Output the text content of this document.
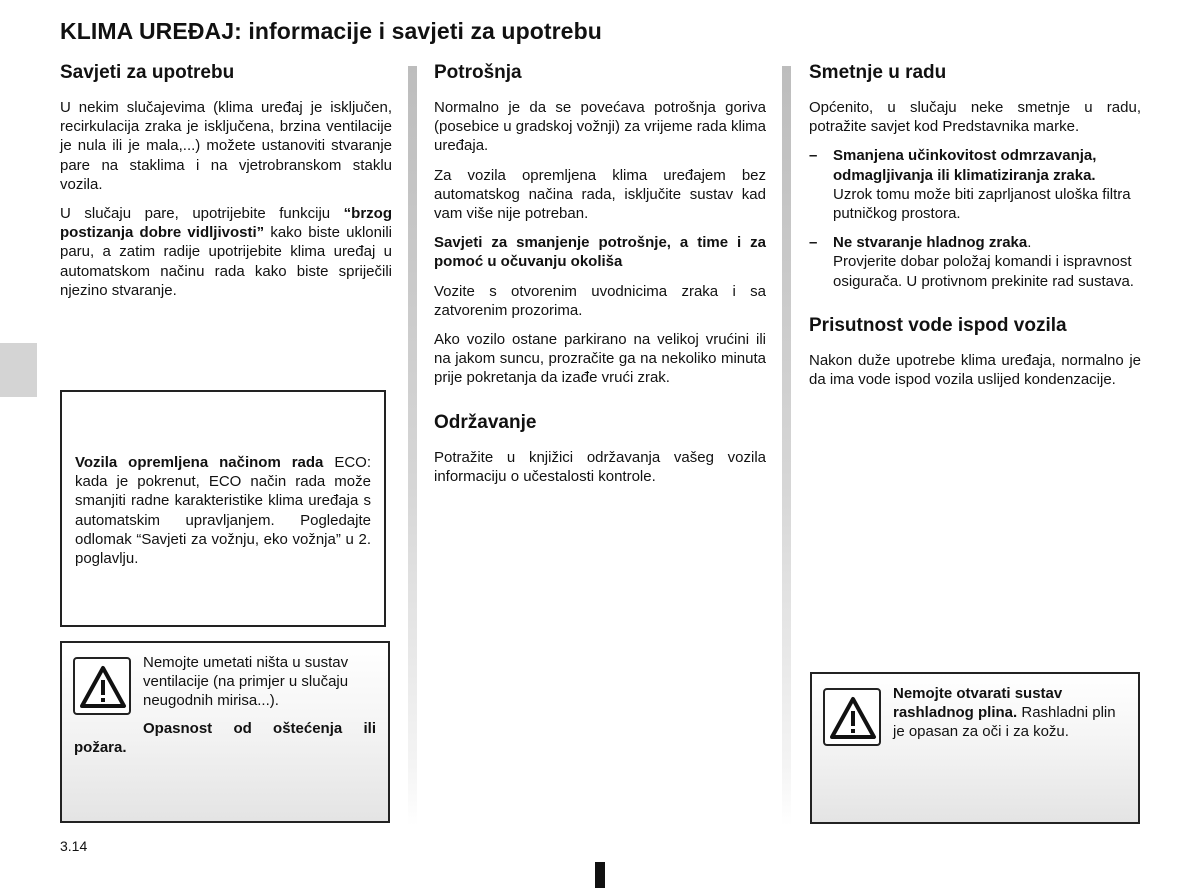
KLIMA UREĐAJ: informacije i savjeti za upotrebu
Savjeti za upotrebu

U nekim slučajevima (klima uređaj je isključen, recirkulacija zraka je isključena, brzina ventilacije je nula ili je mala,...) možete ustanoviti stvaranje pare na staklima i na vjetrobranskom staklu vozila.

U slučaju pare, upotrijebite funkciju “brzog postizanja dobre vidljivosti” kako biste uklonili paru, a zatim radije upotrijebite klima uređaj u automatskom načinu rada kako biste spriječili njezino stvaranje.

Vozila opremljena načinom rada ECO: kada je pokrenut, ECO način rada može smanjiti radne karakteristike klima uređaja s automatskim upravljanjem. Pogledajte odlomak “Savjeti za vožnju, eko vožnja” u 2. poglavlju.

Nemojte umetati ništa u sustav ventilacije (na primjer u slučaju neugodnih mirisa...).

Opasnost od oštećenja ili požara.

Potrošnja

Normalno je da se povećava potrošnja goriva (posebice u gradskoj vožnji) za vrijeme rada klima uređaja.

Za vozila opremljena klima uređajem bez automatskog načina rada, isključite sustav kad vam više nije potreban.

Savjeti za smanjenje potrošnje, a time i za pomoć u očuvanju okoliša

Vozite s otvorenim uvodnicima zraka i sa zatvorenim prozorima.

Ako vozilo ostane parkirano na velikoj vrućini ili na jakom suncu, prozračite ga na nekoliko minuta prije pokretanja da izađe vrući zrak.

Održavanje

Potražite u knjižici održavanja vašeg vozila informaciju o učestalosti kontrole.

Smetnje u radu

Općenito, u slučaju neke smetnje u radu, potražite savjet kod Predstavnika marke.

– Smanjena učinkovitost odmrzavanja, odmagljivanja ili klimatiziranja zraka.
Uzrok tomu može biti zaprljanost uloška filtra putničkog prostora.
– Ne stvaranje hladnog zraka.
Provjerite dobar položaj komandi i ispravnost osigurača. U protivnom prekinite rad sustava.
Prisutnost vode ispod vozila

Nakon duže upotrebe klima uređaja, normalno je da ima vode ispod vozila uslijed kondenzacije.

Nemojte otvarati sustav rashladnog plina. Rashladni plin je opasan za oči i za kožu.

3.14
